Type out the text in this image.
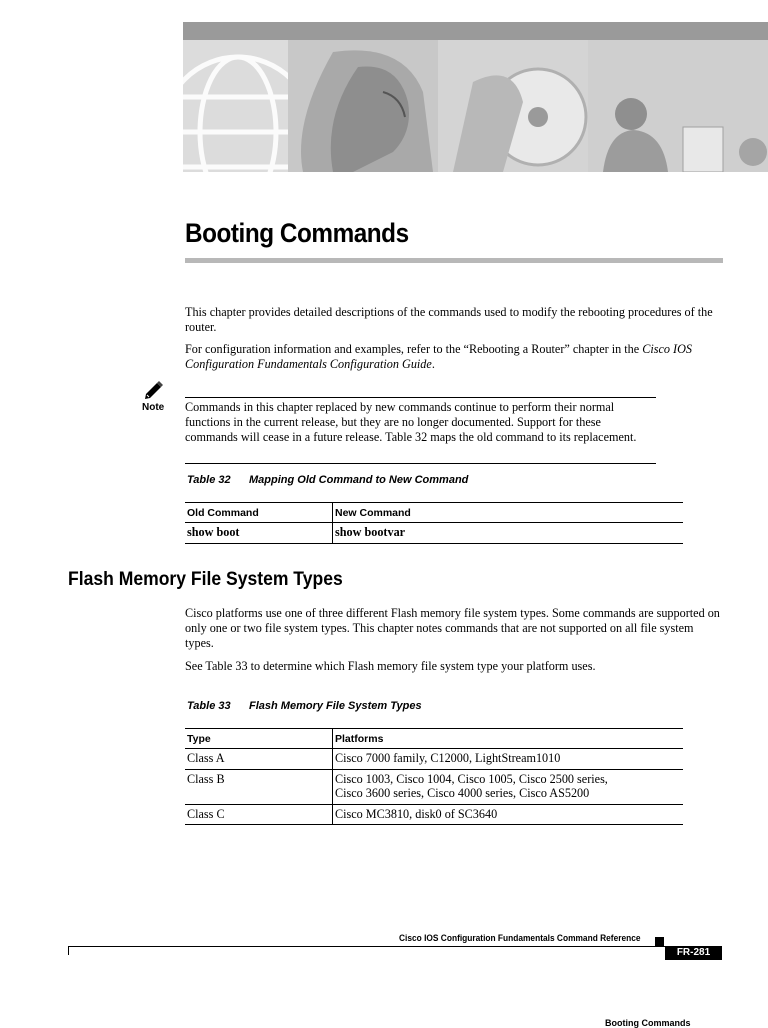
Booting Commands

This chapter provides detailed descriptions of the commands used to modify the rebooting procedures of the router.

For configuration information and examples, refer to the “Rebooting a Router” chapter in the Cisco IOS Configuration Fundamentals Configuration Guide.

Note Commands in this chapter replaced by new commands continue to perform their normal functions in the current release, but they are no longer documented. Support for these commands will cease in a future release. Table 32 maps the old command to its replacement.

Table 32 Mapping Old Command to New Command
Old Command	New Command
show boot	show bootvar
Flash Memory File System Types

Cisco platforms use one of three different Flash memory file system types. Some commands are supported on only one or two file system types. This chapter notes commands that are not supported on all file system types.

See Table 33 to determine which Flash memory file system type your platform uses.

Table 33 Flash Memory File System Types
Type	Platforms
Class A	Cisco 7000 family, C12000, LightStream1010
Class B	Cisco 1003, Cisco 1004, Cisco 1005, Cisco 2500 series, Cisco 3600 series, Cisco 4000 series, Cisco AS5200
Class C	Cisco MC3810, disk0 of SC3640
Cisco IOS Configuration Fundamentals Command Reference
FR-281
Booting Commands
